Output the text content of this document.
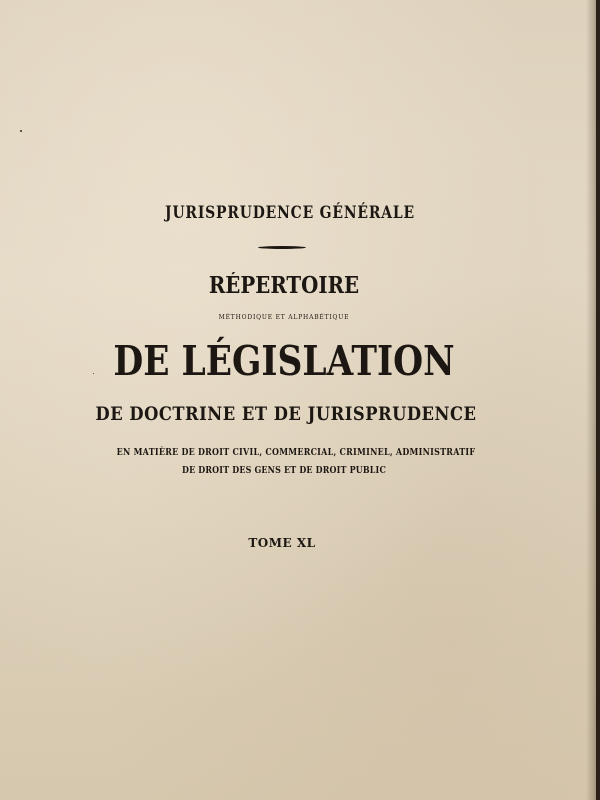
JURISPRUDENCE GÉNÉRALE
RÉPERTOIRE
MÉTHODIQUE ET ALPHABÉTIQUE
DE LÉGISLATION
DE DOCTRINE ET DE JURISPRUDENCE
EN MATIÈRE DE DROIT CIVIL, COMMERCIAL, CRIMINEL, ADMINISTRATIF
DE DROIT DES GENS ET DE DROIT PUBLIC
TOME XL
